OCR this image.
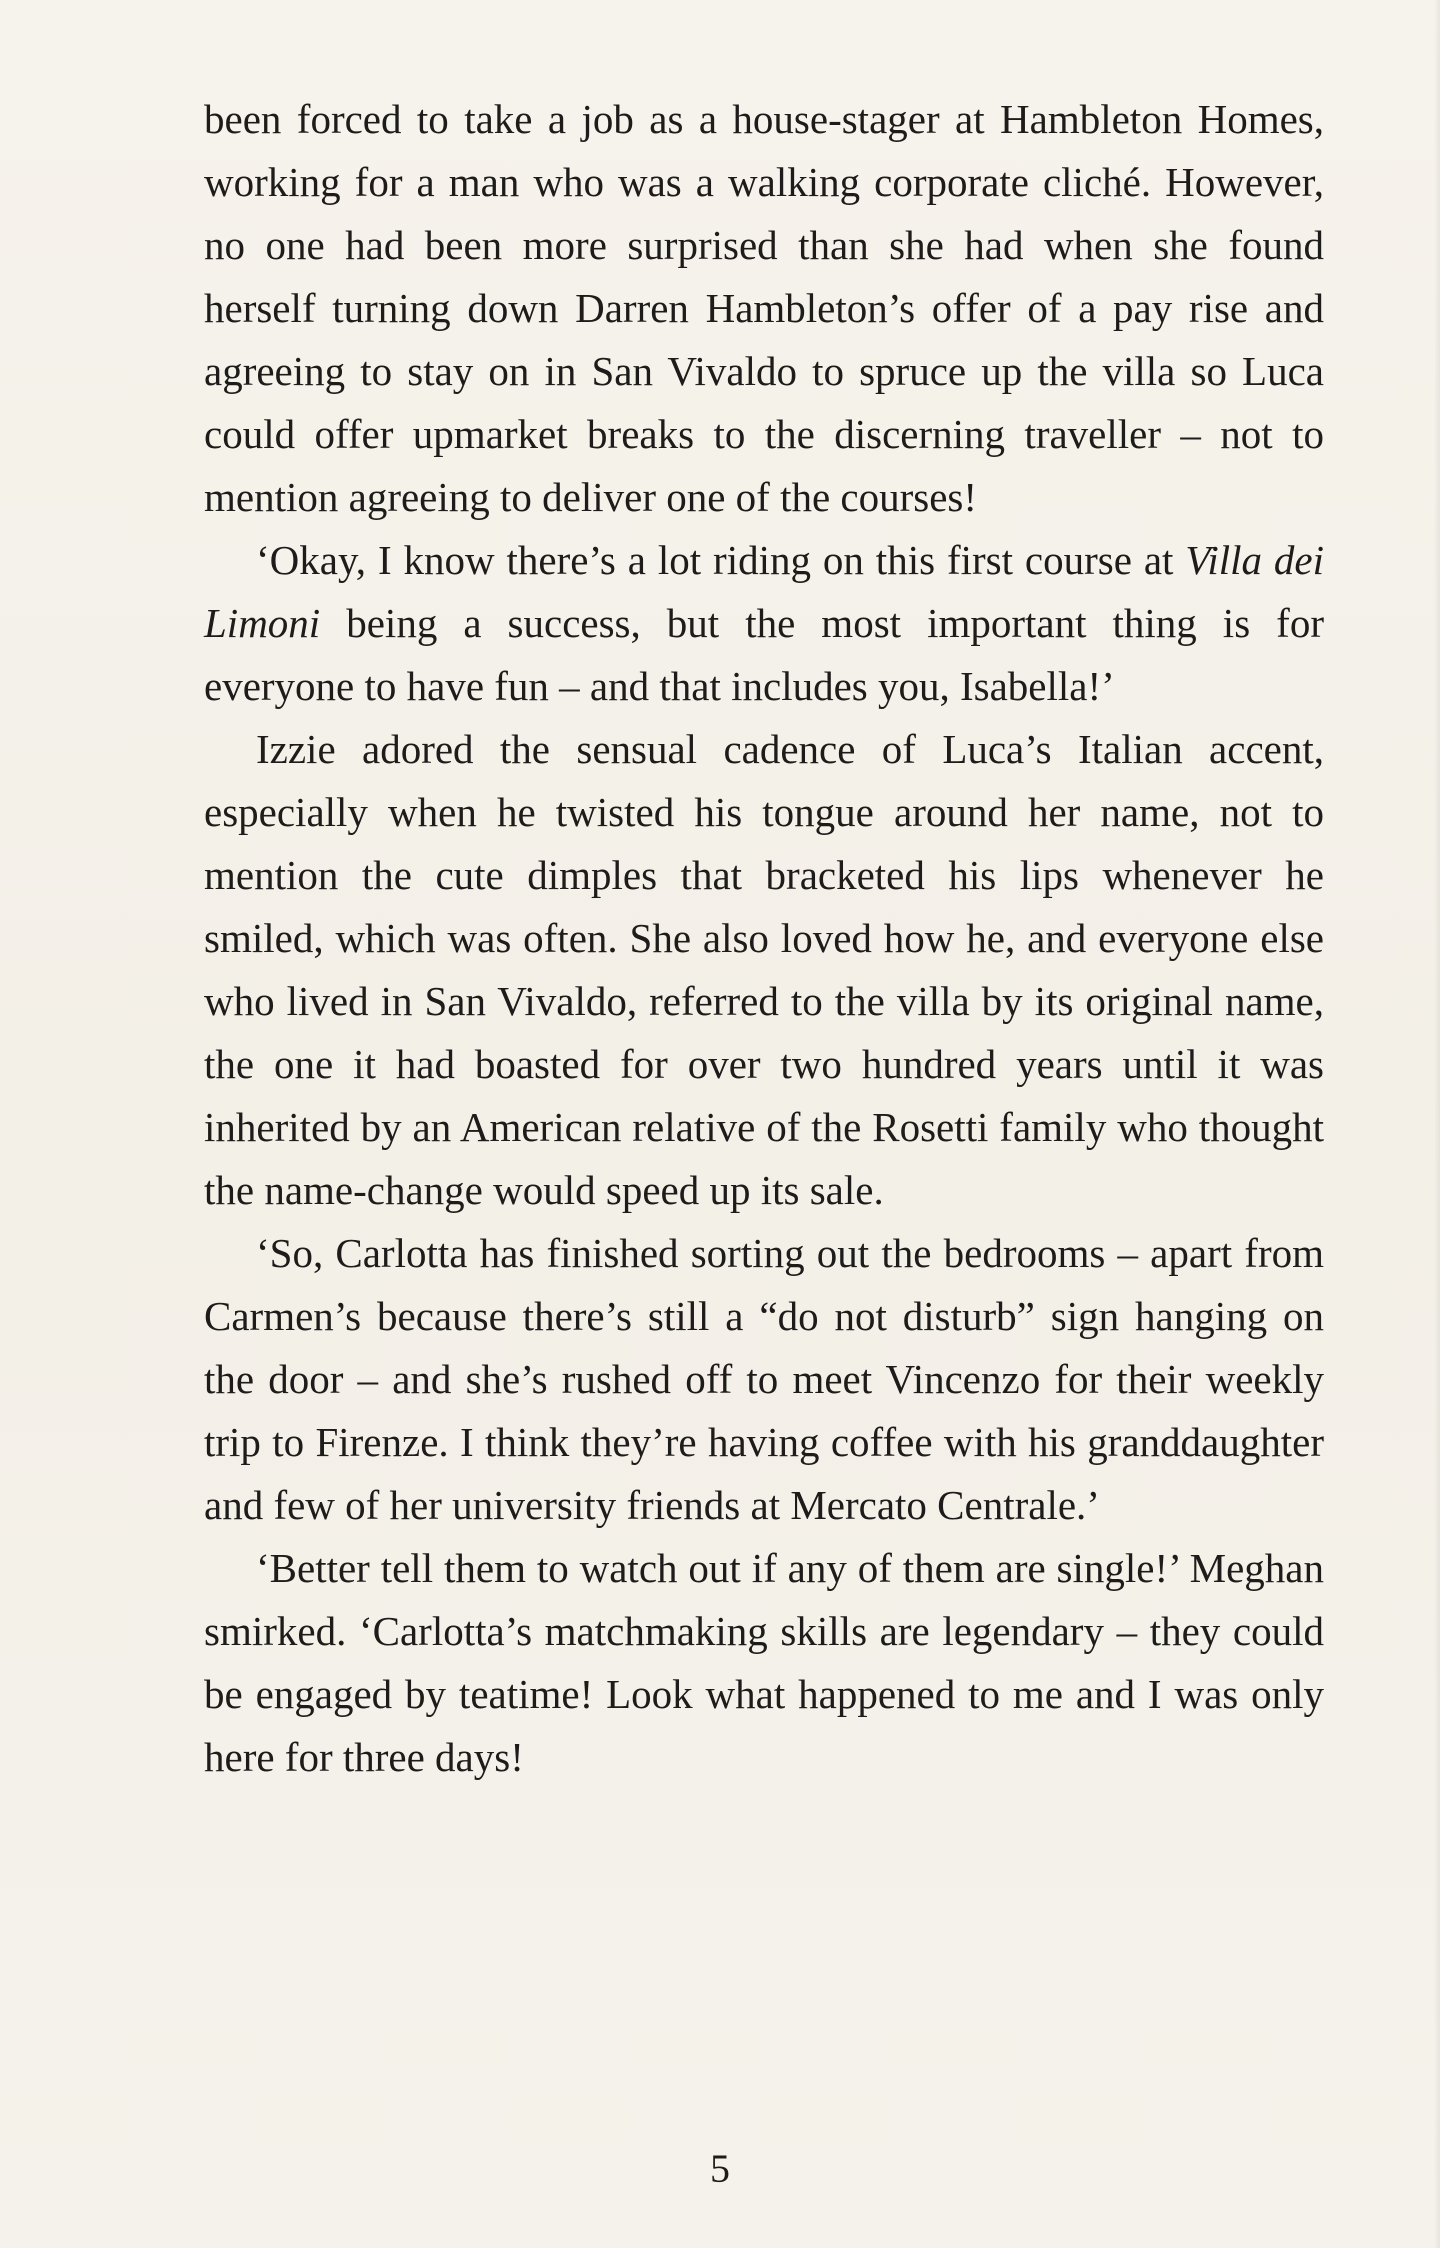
been forced to take a job as a house-stager at Hambleton Homes, working for a man who was a walking corporate cliché. However, no one had been more surprised than she had when she found herself turning down Darren Hambleton’s offer of a pay rise and agreeing to stay on in San Vivaldo to spruce up the villa so Luca could offer upmarket breaks to the discerning traveller – not to mention agreeing to deliver one of the courses!

‘Okay, I know there’s a lot riding on this first course at Villa dei Limoni being a success, but the most important thing is for everyone to have fun – and that includes you, Isabella!’

Izzie adored the sensual cadence of Luca’s Italian accent, especially when he twisted his tongue around her name, not to mention the cute dimples that bracketed his lips whenever he smiled, which was often. She also loved how he, and everyone else who lived in San Vivaldo, referred to the villa by its original name, the one it had boasted for over two hundred years until it was inherited by an American relative of the Rosetti family who thought the name-change would speed up its sale.

‘So, Carlotta has finished sorting out the bedrooms – apart from Carmen’s because there’s still a “do not disturb” sign hanging on the door – and she’s rushed off to meet Vincenzo for their weekly trip to Firenze. I think they’re having coffee with his granddaughter and few of her university friends at Mercato Centrale.’

‘Better tell them to watch out if any of them are single!’ Meghan smirked. ‘Carlotta’s matchmaking skills are legendary – they could be engaged by teatime! Look what happened to me and I was only here for three days!

5
